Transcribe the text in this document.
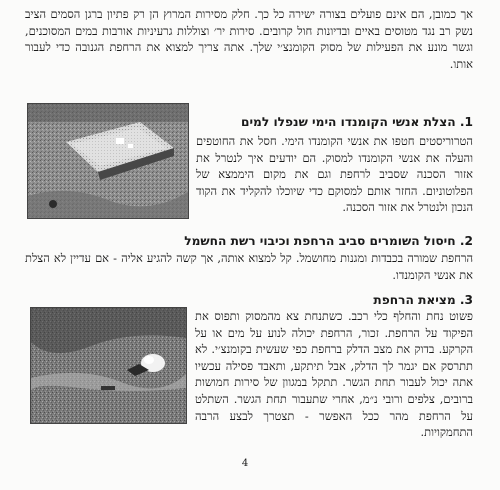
אך כמובן, הם אינם פועלים בצורה ישירה כל כך. חלק מסירות המרוץ הן רק פתיון ברגן הסמים הציב נשק רב נגד מטוסים באיים ובדיונות חול קרובים. סירות יר׳ וצוללות גרעיניות אורבות במים המסוכנים, וגשר מונע את הפעילות של מסוק הקומנצ׳י שלך. אתה צריך למצוא את הרחפת הגנובה כדי לעבור אותו.

1. הצלת אנשי הקומנדו הימי שנפלו למים

הטרוריסטים חטפו את אנשי הקומנדו הימי. חסל את החוטפים והעלה את אנשי הקומנדו למסוק. הם יודעים איך לנטרל את אזור הסכנה שסביב לרחפת וגם את מקום היממצא של הפלוטוניום. החזר אותם למסוקם כדי שיוכלו להקליד את הקוד הנכון ולנטרל את אזור הסכנה.

2. חיסול השומרים סביב הרחפת וכיבוי רשת החשמל

הרחפת שמורה בכבדות ומגנות מחושמל. קל למצוא אותה, אך קשה להגיע אליה - אם עדיין לא הצלת את אנשי הקומנדו.

3. מציאת הרחפת

פשוט נחת והחלף כלי רכב. כשתנחת צא מהמסוק ותפוס את הפיקוד על הרחפת. זכור, הרחפת יכולה לנוע על מים או על הקרקע. בדוק את מצב הדלק ברחפת כפי שעשית בקומנצ׳י. לא תתרסק אם יגמר לך הדלק, אבל תיתקע, ותאבד פסילה עכשיו אתה יכול לעבור תחת הגשר. תתקל במגוון של סירות חמושות ברובים, צלפים ורובי נ״מ, אחרי שתעבור תחת הגשר. השתלט על הרחפת מהר ככל האפשר - תצטרך לבצע הרבה התחמקויות.

4
